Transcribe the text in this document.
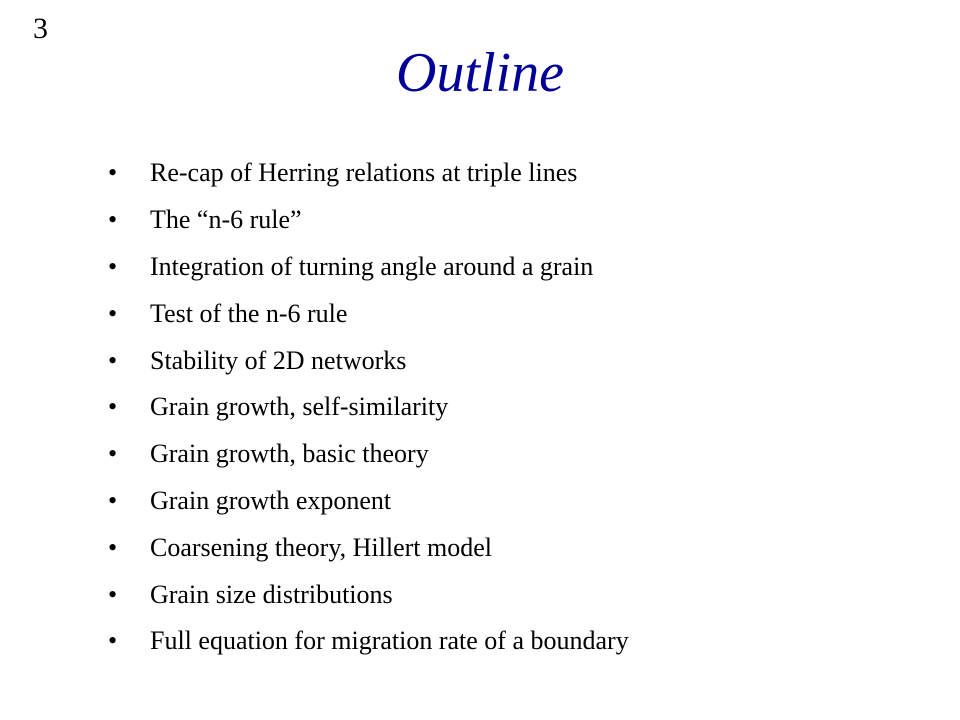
3
Outline
•	Re-cap of Herring relations at triple lines
•	The “n-6 rule”
•	Integration of turning angle around a grain
•	Test of the n-6 rule
•	Stability of 2D networks
•	Grain growth, self-similarity
•	Grain growth, basic theory
•	Grain growth exponent
•	Coarsening theory, Hillert model
•	Grain size distributions
•	Full equation for migration rate of a boundary
